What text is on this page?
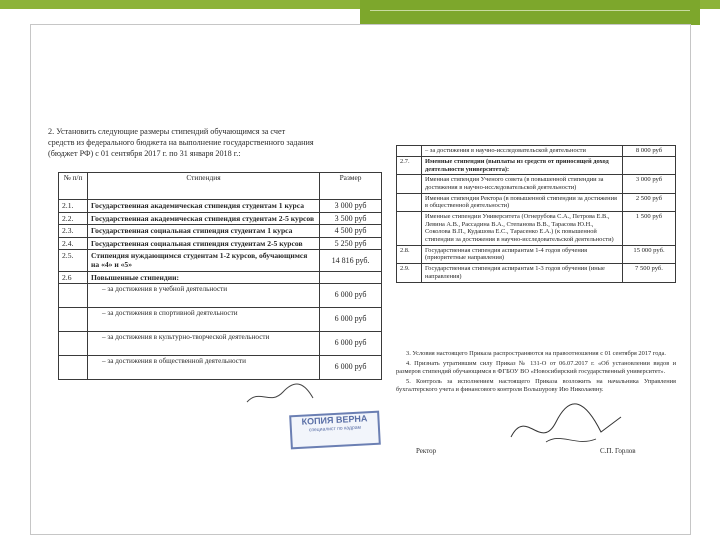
2. Установить следующие размеры стипендий обучающимся за счет
средств из федерального бюджета на выполнение государственного задания
(бюджет РФ) с 01 сентября 2017 г. по 31 января 2018 г.:
№ п/п	Стипендия	Размер
2.1.	Государственная академическая стипендия студентам 1 курса	3 000 руб
2.2.	Государственная академическая стипендия студентам 2-5 курсов	3 500 руб
2.3.	Государственная социальная стипендия студентам 1 курса	4 500 руб
2.4.	Государственная социальная стипендия студентам 2-5 курсов	5 250 руб
2.5.	Стипендия нуждающимся студентам 1-2 курсов, обучающимся на «4» и «5»	14 816 руб.
2.6	Повышенные стипендии:	
	– за достижения в учебной деятельности	6 000 руб
	– за достижения в спортивной деятельности	6 000 руб
	– за достижения в культурно-творческой деятельности	6 000 руб
	– за достижения в общественной деятельности	6 000 руб
КОПИЯ ВЕРНА
специалист по кадрам
	– за достижения в научно-исследовательской деятельности	8 000 руб
2.7.	Именные стипендии (выплаты из средств от приносящей доход деятельности университета):	
	Именная стипендия Ученого совета (в повышенной стипендии за достижения в научно-исследовательской деятельности)	3 000 руб
	Именная стипендия Ректора (в повышенной стипендии за достижения в общественной деятельности)	2 500 руб
	Именные стипендии Университета (Огнерубова С.А., Петрова Е.В., Левина А.В., Рассадина В.А., Степанова В.В., Тарасова Ю.Н., Соколова В.П., Кудашова Е.С., Тарасенко Е.А.) (к повышенной стипендии за достижения в научно-исследовательской деятельности)	1 500 руб
2.8.	Государственная стипендия аспирантам 1-4 годов обучения (приоритетные направления)	15 000 руб.
2.9.	Государственная стипендия аспирантам 1-3 годов обучения (иные направления)	7 500 руб.

3. Условия настоящего Приказа распространяются на правоотношения с 01 сентября 2017 года.

4. Признать утратившим силу Приказ № 131-О от 06.07.2017 г. «Об установлении видов и размеров стипендий обучающимся в ФГБОУ ВО «Новосибирский государственный университет».

5. Контроль за исполнением настоящего Приказа возложить на начальника Управления бухгалтерского учета и финансового контроля Вольшурову Ию Николаевну.

Ректор	С.П. Горлов
